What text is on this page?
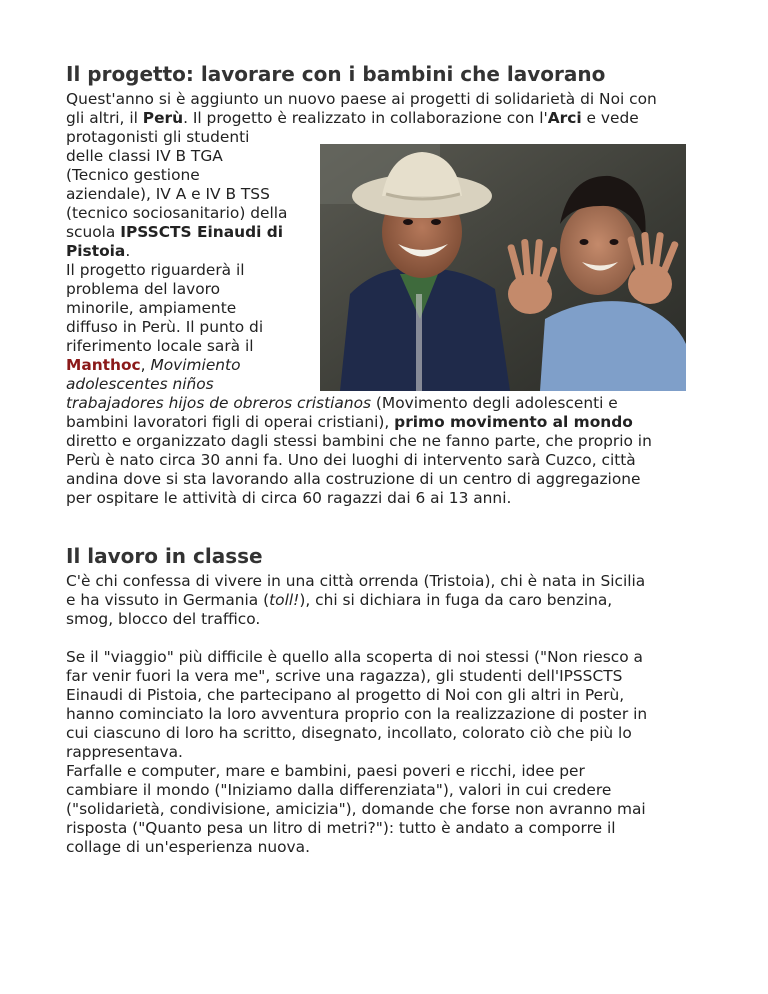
Il progetto: lavorare con i bambini che lavorano
Quest'anno si è aggiunto un nuovo paese ai progetti di solidarietà di Noi con
gli altri, il Perù. Il progetto è realizzato in collaborazione con l'Arci e vede
protagonisti gli studenti
delle classi IV B TGA
(Tecnico gestione
aziendale), IV A e IV B TSS
(tecnico sociosanitario) della
scuola IPSSCTS Einaudi di
Pistoia.
Il progetto riguarderà il
problema del lavoro
minorile, ampiamente
diffuso in Perù. Il punto di
riferimento locale sarà il
Manthoc, Movimiento
adolescentes niños
trabajadores hijos de obreros cristianos (Movimento degli adolescenti e
bambini lavoratori figli di operai cristiani), primo movimento al mondo
diretto e organizzato dagli stessi bambini che ne fanno parte, che proprio in
Perù è nato circa 30 anni fa. Uno dei luoghi di intervento sarà Cuzco, città
andina dove si sta lavorando alla costruzione di un centro di aggregazione
per ospitare le attività di circa 60 ragazzi dai 6 ai 13 anni.
Il lavoro in classe
C'è chi confessa di vivere in una città orrenda (Tristoia), chi è nata in Sicilia
e ha vissuto in Germania (toll!), chi si dichiara in fuga da caro benzina,
smog, blocco del traffico.
Se il "viaggio" più difficile è quello alla scoperta di noi stessi ("Non riesco a
far venir fuori la vera me", scrive una ragazza), gli studenti dell'IPSSCTS
Einaudi di Pistoia, che partecipano al progetto di Noi con gli altri in Perù,
hanno cominciato la loro avventura proprio con la realizzazione di poster in
cui ciascuno di loro ha scritto, disegnato, incollato, colorato ciò che più lo
rappresentava.
Farfalle e computer, mare e bambini, paesi poveri e ricchi, idee per
cambiare il mondo ("Iniziamo dalla differenziata"), valori in cui credere
("solidarietà, condivisione, amicizia"), domande che forse non avranno mai
risposta ("Quanto pesa un litro di metri?"): tutto è andato a comporre il
collage di un'esperienza nuova.
